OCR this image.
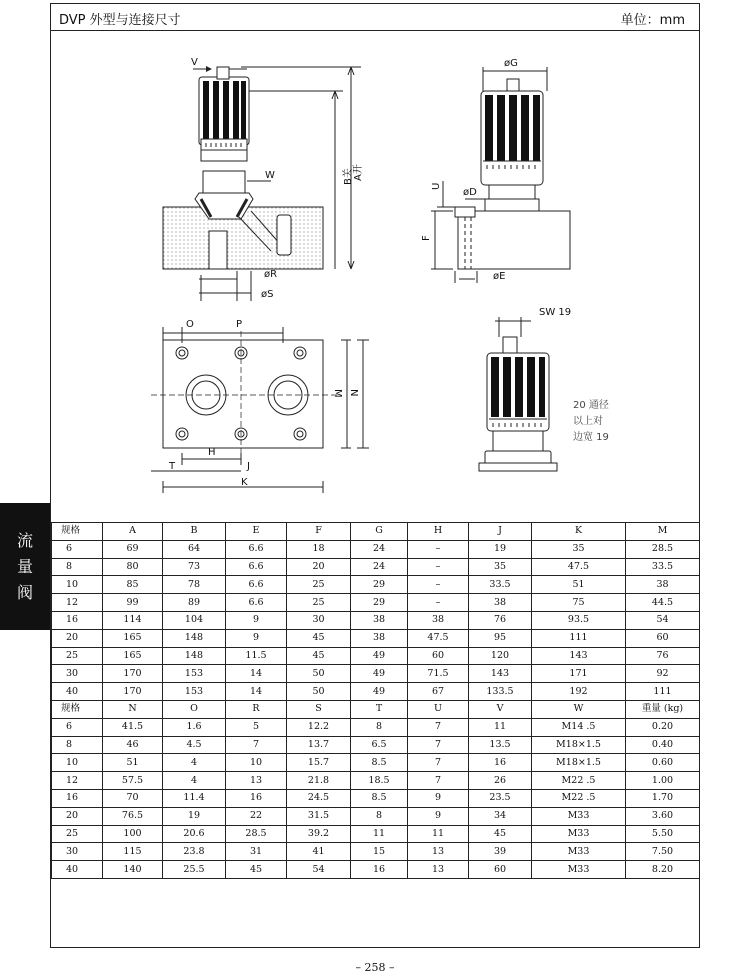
DVP 外型与连接尺寸	单位：mm
流
量
阀
V
W	B关 A开
øR
øS
øG
U
øD
F
øE
O	P
M N
H
T	J
K
SW 19
20 通径
以上对
边宽 19
规格	A	B	E	F	G	H	J	K	M
6	69	64	6.6	18	24	–	19	35	28.5
8	80	73	6.6	20	24	–	35	47.5	33.5
10	85	78	6.6	25	29	–	33.5	51	38
12	99	89	6.6	25	29	–	38	75	44.5
16	114	104	9	30	38	38	76	93.5	54
20	165	148	9	45	38	47.5	95	111	60
25	165	148	11.5	45	49	60	120	143	76
30	170	153	14	50	49	71.5	143	171	92
40	170	153	14	50	49	67	133.5	192	111
规格	N	O	R	S	T	U	V	W	重量 (kg)
6	41.5	1.6	5	12.2	8	7	11	M14 .5	0.20
8	46	4.5	7	13.7	6.5	7	13.5	M18×1.5	0.40
10	51	4	10	15.7	8.5	7	16	M18×1.5	0.60
12	57.5	4	13	21.8	18.5	7	26	M22 .5	1.00
16	70	11.4	16	24.5	8.5	9	23.5	M22 .5	1.70
20	76.5	19	22	31.5	8	9	34	M33	3.60
25	100	20.6	28.5	39.2	11	11	45	M33	5.50
30	115	23.8	31	41	15	13	39	M33	7.50
40	140	25.5	45	54	16	13	60	M33	8.20
– 258 –
